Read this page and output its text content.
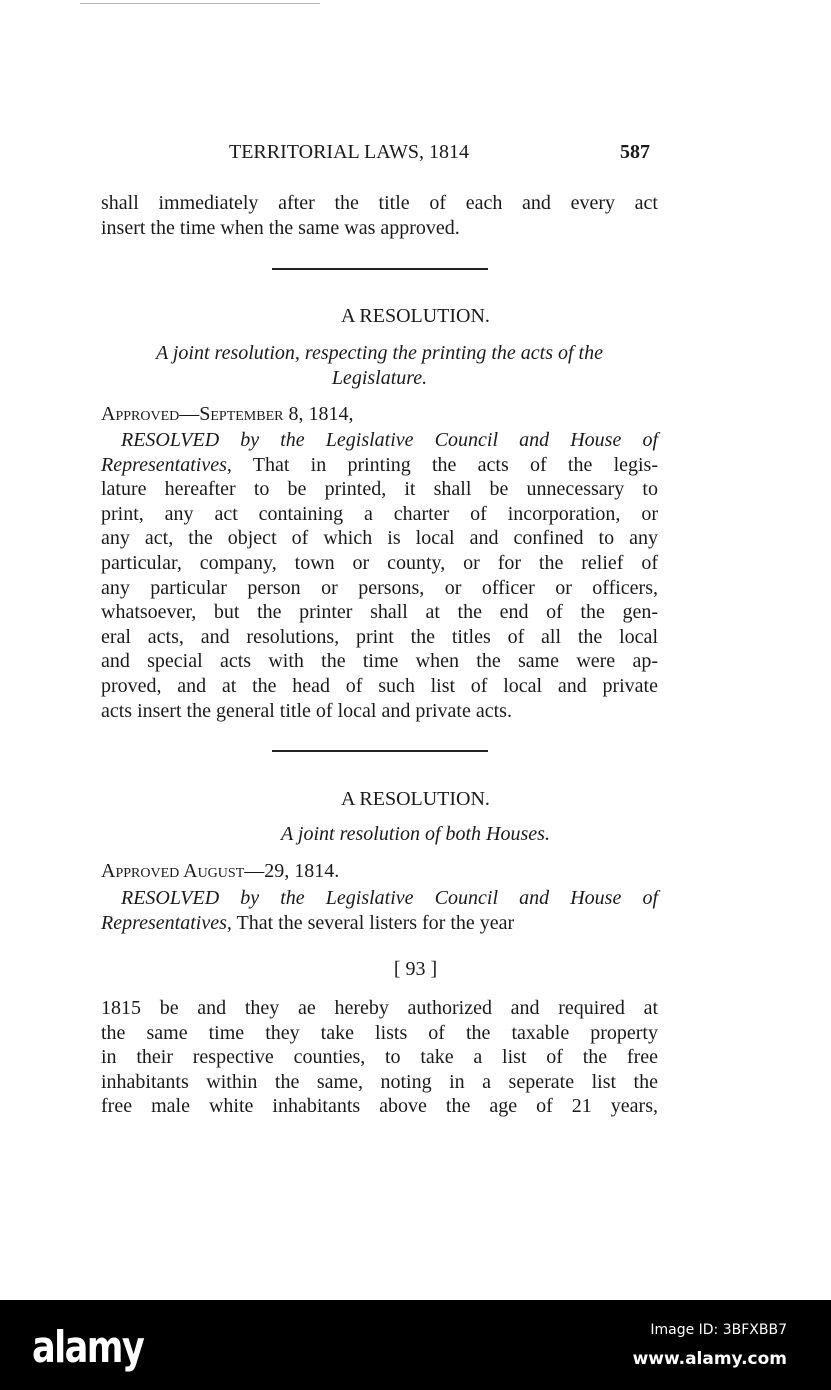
TERRITORIAL LAWS, 1814	587
shall immediately after the title of each and every act
insert the time when the same was approved.
A RESOLUTION.
A joint resolution, respecting the printing the acts of the
Legislature.
Approved—September 8, 1814,
RESOLVED by the Legislative Council and House of
Representatives, That in printing the acts of the legis-
lature hereafter to be printed, it shall be unnecessary to
print, any act containing a charter of incorporation, or
any act, the object of which is local and confined to any
particular, company, town or county, or for the relief of
any particular person or persons, or officer or officers,
whatsoever, but the printer shall at the end of the gen-
eral acts, and resolutions, print the titles of all the local
and special acts with the time when the same were ap-
proved, and at the head of such list of local and private
acts insert the general title of local and private acts.
A RESOLUTION.
A joint resolution of both Houses.
Approved August—29, 1814.
RESOLVED by the Legislative Council and House of
Representatives, That the several listers for the year
[ 93 ]
1815 be and they ae hereby authorized and required at
the same time they take lists of the taxable property
in their respective counties, to take a list of the free
inhabitants within the same, noting in a seperate list the
free male white inhabitants above the age of 21 years,
alamy	Image ID: 3BFXBB7
www.alamy.com
